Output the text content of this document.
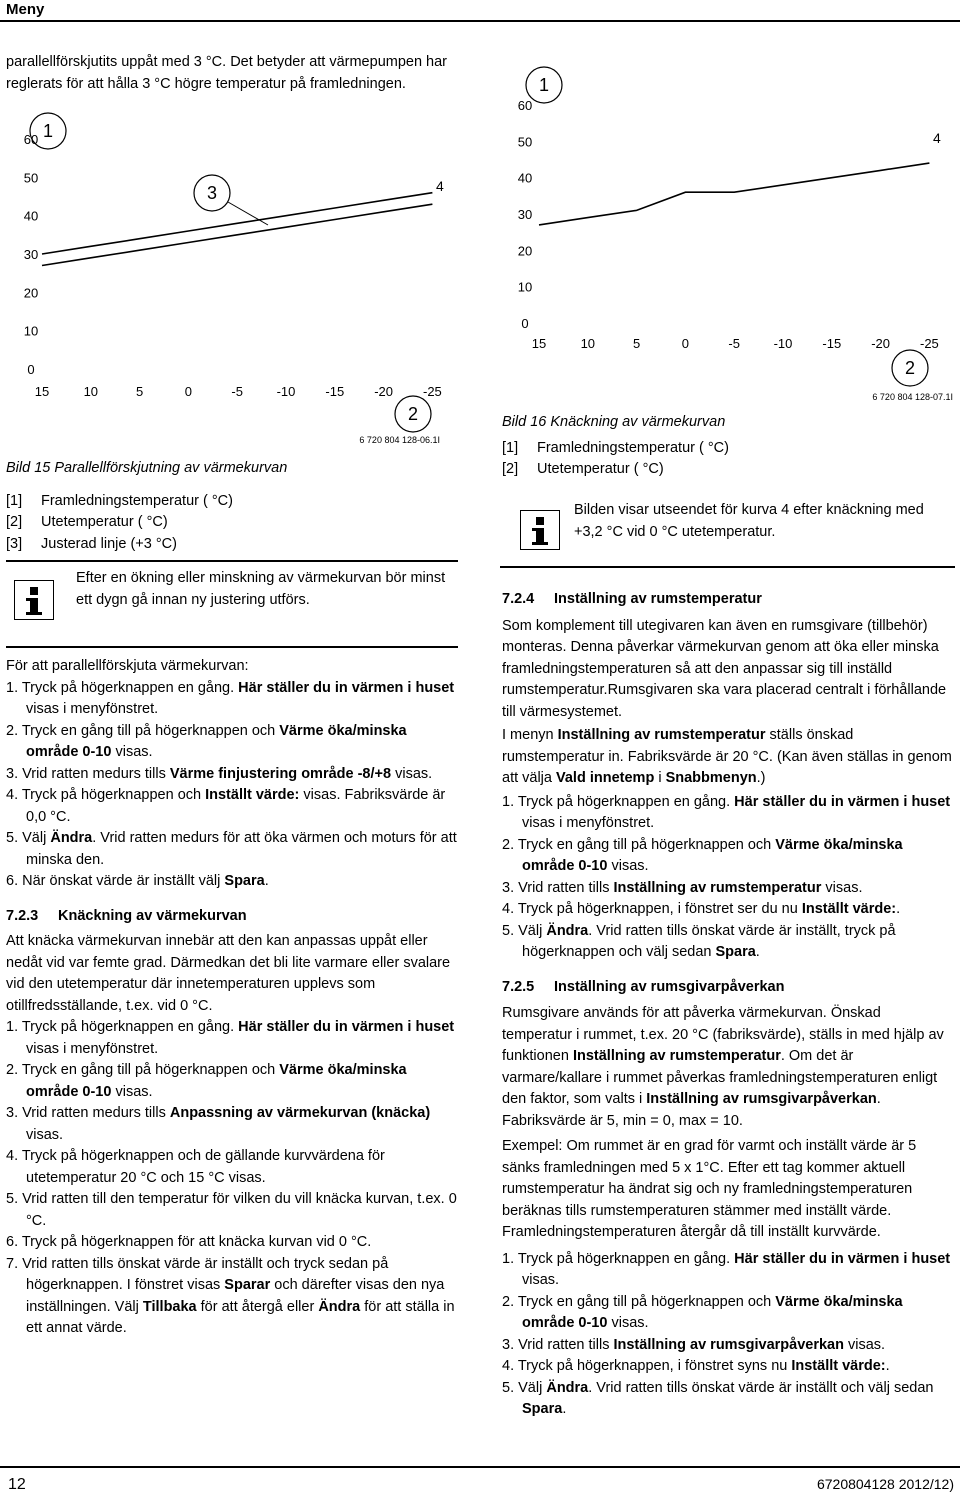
Meny

parallellförskjutits uppåt med 3 °C. Det betyder att värmepumpen har reglerats för att hålla 3 °C högre temperatur på framledningen.

1
3	4
2
0
10
20
30
40
50
60
15	10	5	0	-5	-10 -15 -20 -25
6 720 804 128-06.1I

Bild 15 Parallellförskjutning av värmekurvan

[1]	Framledningstemperatur ( °C)
[2]	Utetemperatur ( °C)
[3]	Justerad linje (+3 °C)
Efter en ökning eller minskning av värmekurvan bör minst ett dygn gå innan ny justering utförs.

För att parallellförskjuta värmekurvan:

1. Tryck på högerknappen en gång. Här ställer du in värmen i huset visas i menyfönstret.

2. Tryck en gång till på högerknappen och Värme öka/minska område 0-10 visas.

3. Vrid ratten medurs tills Värme finjustering område -8/+8 visas.

4. Tryck på högerknappen och Inställt värde: visas. Fabriksvärde är 0,0 °C.

5. Välj Ändra. Vrid ratten medurs för att öka värmen och moturs för att minska den.

6. När önskat värde är inställt välj Spara.

7.2.3 Knäckning av värmekurvan

Att knäcka värmekurvan innebär att den kan anpassas uppåt eller nedåt vid var femte grad. Därmedkan det bli lite varmare eller svalare vid den utetemperatur där innetemperaturen upplevs som otillfredsställande, t.ex. vid 0 °C.

1. Tryck på högerknappen en gång. Här ställer du in värmen i huset visas i menyfönstret.

2. Tryck en gång till på högerknappen och Värme öka/minska område 0-10 visas.

3. Vrid ratten medurs tills Anpassning av värmekurvan (knäcka) visas.

4. Tryck på högerknappen och de gällande kurvvärdena för utetemperatur 20 °C och 15 °C visas.

5. Vrid ratten till den temperatur för vilken du vill knäcka kurvan, t.ex. 0 °C.

6. Tryck på högerknappen för att knäcka kurvan vid 0 °C.

7. Vrid ratten tills önskat värde är inställt och tryck sedan på högerknappen. I fönstret visas Sparar och därefter visas den nya inställningen. Välj Tillbaka för att återgå eller Ändra för att ställa in ett annat värde.

1
4
2
0
10
20
30
40
50
60
15	10	5	0	-5	-10 -15 -20 -25
6 720 804 128-07.1I

Bild 16 Knäckning av värmekurvan

[1]	Framledningstemperatur ( °C)
[2]	Utetemperatur ( °C)
Bilden visar utseendet för kurva 4 efter knäckning med +3,2 °C vid 0 °C utetemperatur.
7.2.4 Inställning av rumstemperatur

Som komplement till utegivaren kan även en rumsgivare (tillbehör) monteras. Denna påverkar värmekurvan genom att öka eller minska framledningstemperaturen så att den anpassar sig till inställd rumstemperatur.Rumsgivaren ska vara placerad centralt i förhållande till värmesystemet.

I menyn Inställning av rumstemperatur ställs önskad rumstemperatur in. Fabriksvärde är 20 °C. (Kan även ställas in genom att välja Vald innetemp i Snabbmenyn.)

1. Tryck på högerknappen en gång. Här ställer du in värmen i huset visas i menyfönstret.

2. Tryck en gång till på högerknappen och Värme öka/minska område 0-10 visas.

3. Vrid ratten tills Inställning av rumstemperatur visas.

4. Tryck på högerknappen, i fönstret ser du nu Inställt värde:.

5. Välj Ändra. Vrid ratten tills önskat värde är inställt, tryck på högerknappen och välj sedan Spara.

7.2.5 Inställning av rumsgivarpåverkan

Rumsgivare används för att påverka värmekurvan. Önskad temperatur i rummet, t.ex. 20 °C (fabriksvärde), ställs in med hjälp av funktionen Inställning av rumstemperatur. Om det är varmare/kallare i rummet påverkas framledningstemperaturen enligt den faktor, som valts i Inställning av rumsgivarpåverkan. Fabriksvärde är 5, min = 0, max = 10.

Exempel: Om rummet är en grad för varmt och inställt värde är 5 sänks framledningen med 5 x 1°C. Efter ett tag kommer aktuell rumstemperatur ha ändrat sig och ny framledningstemperaturen beräknas tills rumstemperaturen stämmer med inställt värde. Framledningstemperaturen återgår då till inställt kurvvärde.

1. Tryck på högerknappen en gång. Här ställer du in värmen i huset visas.

2. Tryck en gång till på högerknappen och Värme öka/minska område 0-10 visas.

3. Vrid ratten tills Inställning av rumsgivarpåverkan visas.

4. Tryck på högerknappen, i fönstret syns nu Inställt värde:.

5. Välj Ändra. Vrid ratten tills önskat värde är inställt och välj sedan Spara.

12	6720804128 2012/12)
